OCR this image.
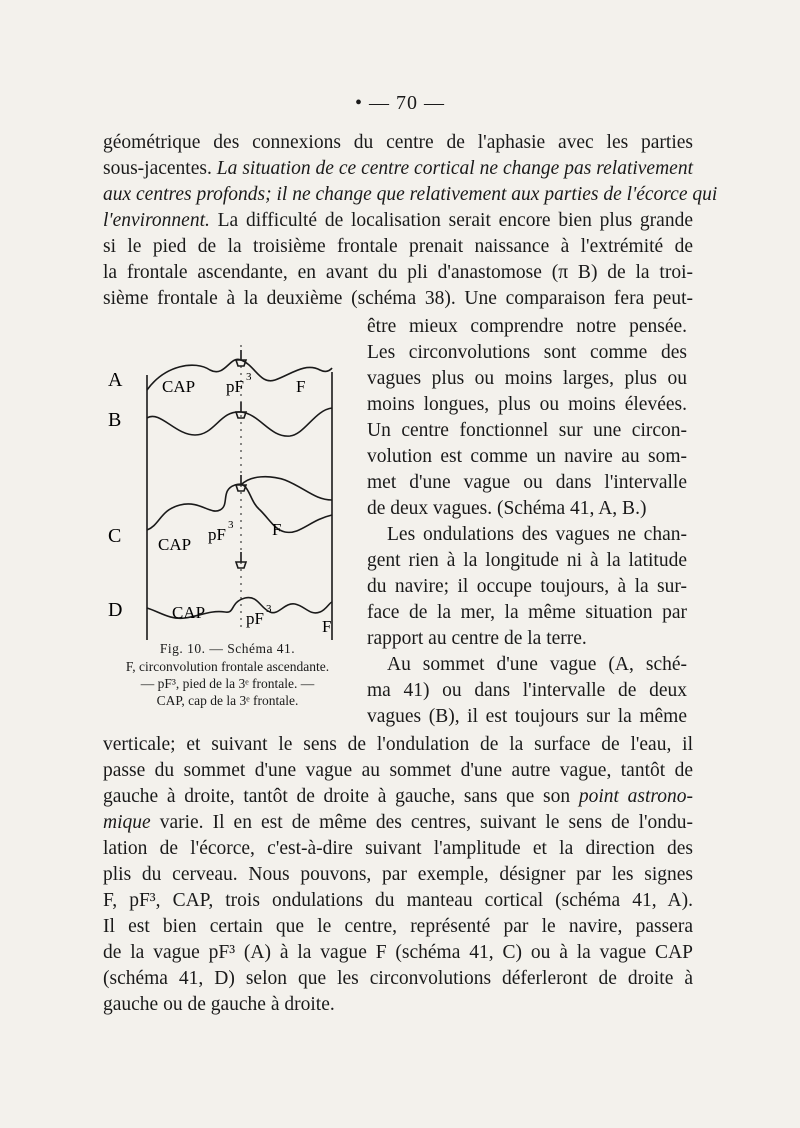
• — 70 —
géométrique des connexions du centre de l'aphasie avec les parties
sous-jacentes. La situation de ce centre cortical ne change pas relativement
aux centres profonds; il ne change que relativement aux parties de l'écorce qui
l'environnent. La difficulté de localisation serait encore bien plus grande
si le pied de la troisième frontale prenait naissance à l'extrémité de
la frontale ascendante, en avant du pli d'anastomose (π B) de la troi-
sième frontale à la deuxième (schéma 38). Une comparaison fera peut-
être mieux comprendre notre pensée.
Les circonvolutions sont comme des
vagues plus ou moins larges, plus ou
moins longues, plus ou moins élevées.
Un centre fonctionnel sur une circon-
volution est comme un navire au som-
met d'une vague ou dans l'intervalle
de deux vagues. (Schéma 41, A, B.)
Les ondulations des vagues ne chan-
gent rien à la longitude ni à la latitude
du navire; il occupe toujours, à la sur-
face de la mer, la même situation par
rapport au centre de la terre.
Au sommet d'une vague (A, sché-
ma 41) ou dans l'intervalle de deux
vagues (B), il est toujours sur la même
A
B
C
D
CAP pF 3	F
CAP
pF 3 F
CAP pF 3
F
Fig. 10. — Schéma 41.
F, circonvolution frontale ascendante.
— pF³, pied de la 3ᵉ frontale. —
CAP, cap de la 3ᵉ frontale.
verticale; et suivant le sens de l'ondulation de la surface de l'eau, il
passe du sommet d'une vague au sommet d'une autre vague, tantôt de
gauche à droite, tantôt de droite à gauche, sans que son point astrono-
mique varie. Il en est de même des centres, suivant le sens de l'ondu-
lation de l'écorce, c'est-à-dire suivant l'amplitude et la direction des
plis du cerveau. Nous pouvons, par exemple, désigner par les signes
F, pF³, CAP, trois ondulations du manteau cortical (schéma 41, A).
Il est bien certain que le centre, représenté par le navire, passera
de la vague pF³ (A) à la vague F (schéma 41, C) ou à la vague CAP
(schéma 41, D) selon que les circonvolutions déferleront de droite à
gauche ou de gauche à droite.
